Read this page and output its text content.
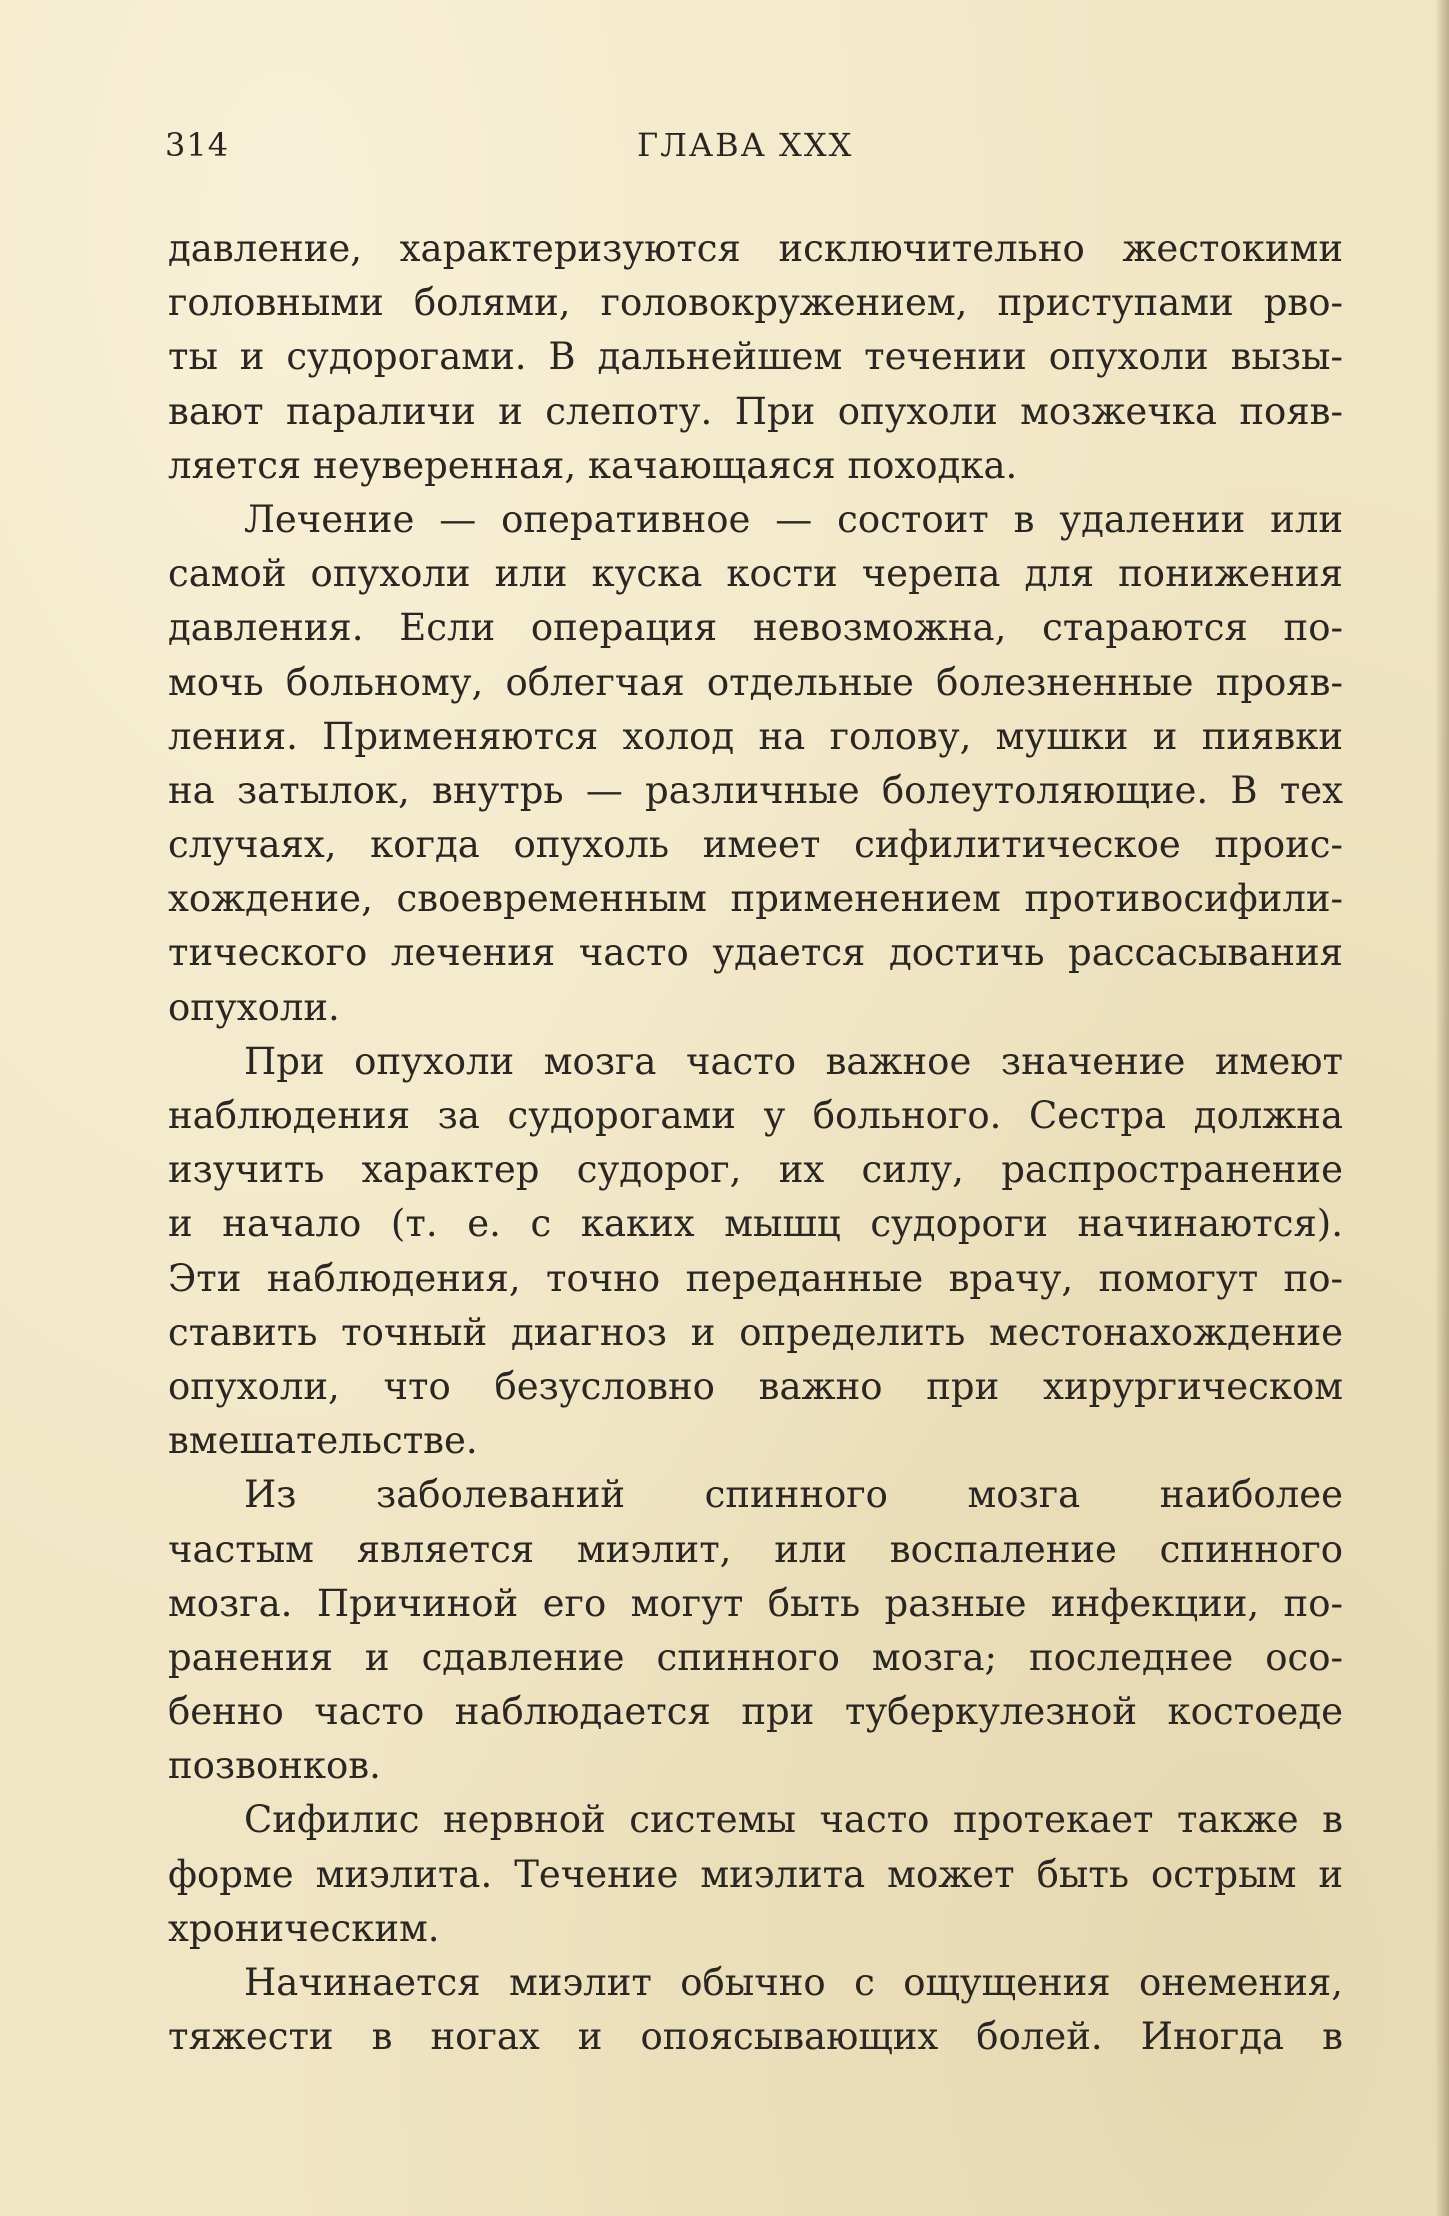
314	ГЛАВА XXX
давление, характеризуются исключительно жестокими
головными болями, головокружением, приступами рво-
ты и судорогами. В дальнейшем течении опухоли вызы-
вают параличи и слепоту. При опухоли мозжечка появ-
ляется неуверенная, качающаяся походка.
Лечение — оперативное — состоит в удалении или
самой опухоли или куска кости черепа для понижения
давления. Если операция невозможна, стараются по-
мочь больному, облегчая отдельные болезненные прояв-
ления. Применяются холод на голову, мушки и пиявки
на затылок, внутрь — различные болеутоляющие. В тех
случаях, когда опухоль имеет сифилитическое проис-
хождение, своевременным применением противосифили-
тического лечения часто удается достичь рассасывания
опухоли.
При опухоли мозга часто важное значение имеют
наблюдения за судорогами у больного. Сестра должна
изучить характер судорог, их силу, распространение
и начало (т. е. с каких мышц судороги начинаются).
Эти наблюдения, точно переданные врачу, помогут по-
ставить точный диагноз и определить местонахождение
опухоли, что безусловно важно при хирургическом
вмешательстве.
Из заболеваний спинного мозга наиболее
частым является миэлит, или воспаление спинного
мозга. Причиной его могут быть разные инфекции, по-
ранения и сдавление спинного мозга; последнее осо-
бенно часто наблюдается при туберкулезной костоеде
позвонков.
Сифилис нервной системы часто протекает также в
форме миэлита. Течение миэлита может быть острым и
хроническим.
Начинается миэлит обычно с ощущения онемения,
тяжести в ногах и опоясывающих болей. Иногда в
